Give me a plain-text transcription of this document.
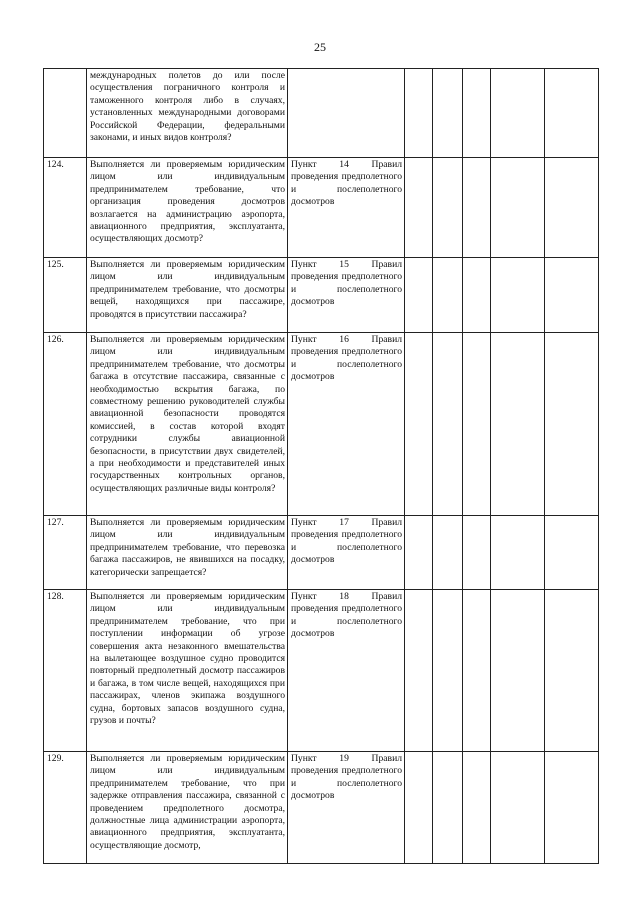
25
	международных полетов до или после осуществления пограничного контроля и таможенного контроля либо в случаях, установленных международными договорами Российской Федерации, федеральными законами, и иных видов контроля?						
124.	Выполняется ли проверяемым юридическим лицом или индивидуальным предпринимателем требование, что организация проведения досмотров возлагается на администрацию аэропорта, авиационного предприятия, эксплуатанта, осуществляющих досмотр?	Пункт 14 Правил проведения предполетного и послеполетного досмотров					
125.	Выполняется ли проверяемым юридическим лицом или индивидуальным предпринимателем требование, что досмотры вещей, находящихся при пассажире, проводятся в присутствии пассажира?	Пункт 15 Правил проведения предполетного и послеполетного досмотров					
126.	Выполняется ли проверяемым юридическим лицом или индивидуальным предпринимателем требование, что досмотры багажа в отсутствие пассажира, связанные с необходимостью вскрытия багажа, по совместному решению руководителей службы авиационной безопасности проводятся комиссией, в состав которой входят сотрудники службы авиационной безопасности, в присутствии двух свидетелей, а при необходимости и представителей иных государственных контрольных органов, осуществляющих различные виды контроля?	Пункт 16 Правил проведения предполетного и послеполетного досмотров					
127.	Выполняется ли проверяемым юридическим лицом или индивидуальным предпринимателем требование, что перевозка багажа пассажиров, не явившихся на посадку, категорически запрещается?	Пункт 17 Правил проведения предполетного и послеполетного досмотров					
128.	Выполняется ли проверяемым юридическим лицом или индивидуальным предпринимателем требование, что при поступлении информации об угрозе совершения акта незаконного вмешательства на вылетающее воздушное судно проводится повторный предполетный досмотр пассажиров и багажа, в том числе вещей, находящихся при пассажирах, членов экипажа воздушного судна, бортовых запасов воздушного судна, грузов и почты?	Пункт 18 Правил проведения предполетного и послеполетного досмотров					
129.	Выполняется ли проверяемым юридическим лицом или индивидуальным предпринимателем требование, что при задержке отправления пассажира, связанной с проведением предполетного досмотра, должностные лица администрации аэропорта, авиационного предприятия, эксплуатанта, осуществляющие досмотр,	Пункт 19 Правил проведения предполетного и послеполетного досмотров					
